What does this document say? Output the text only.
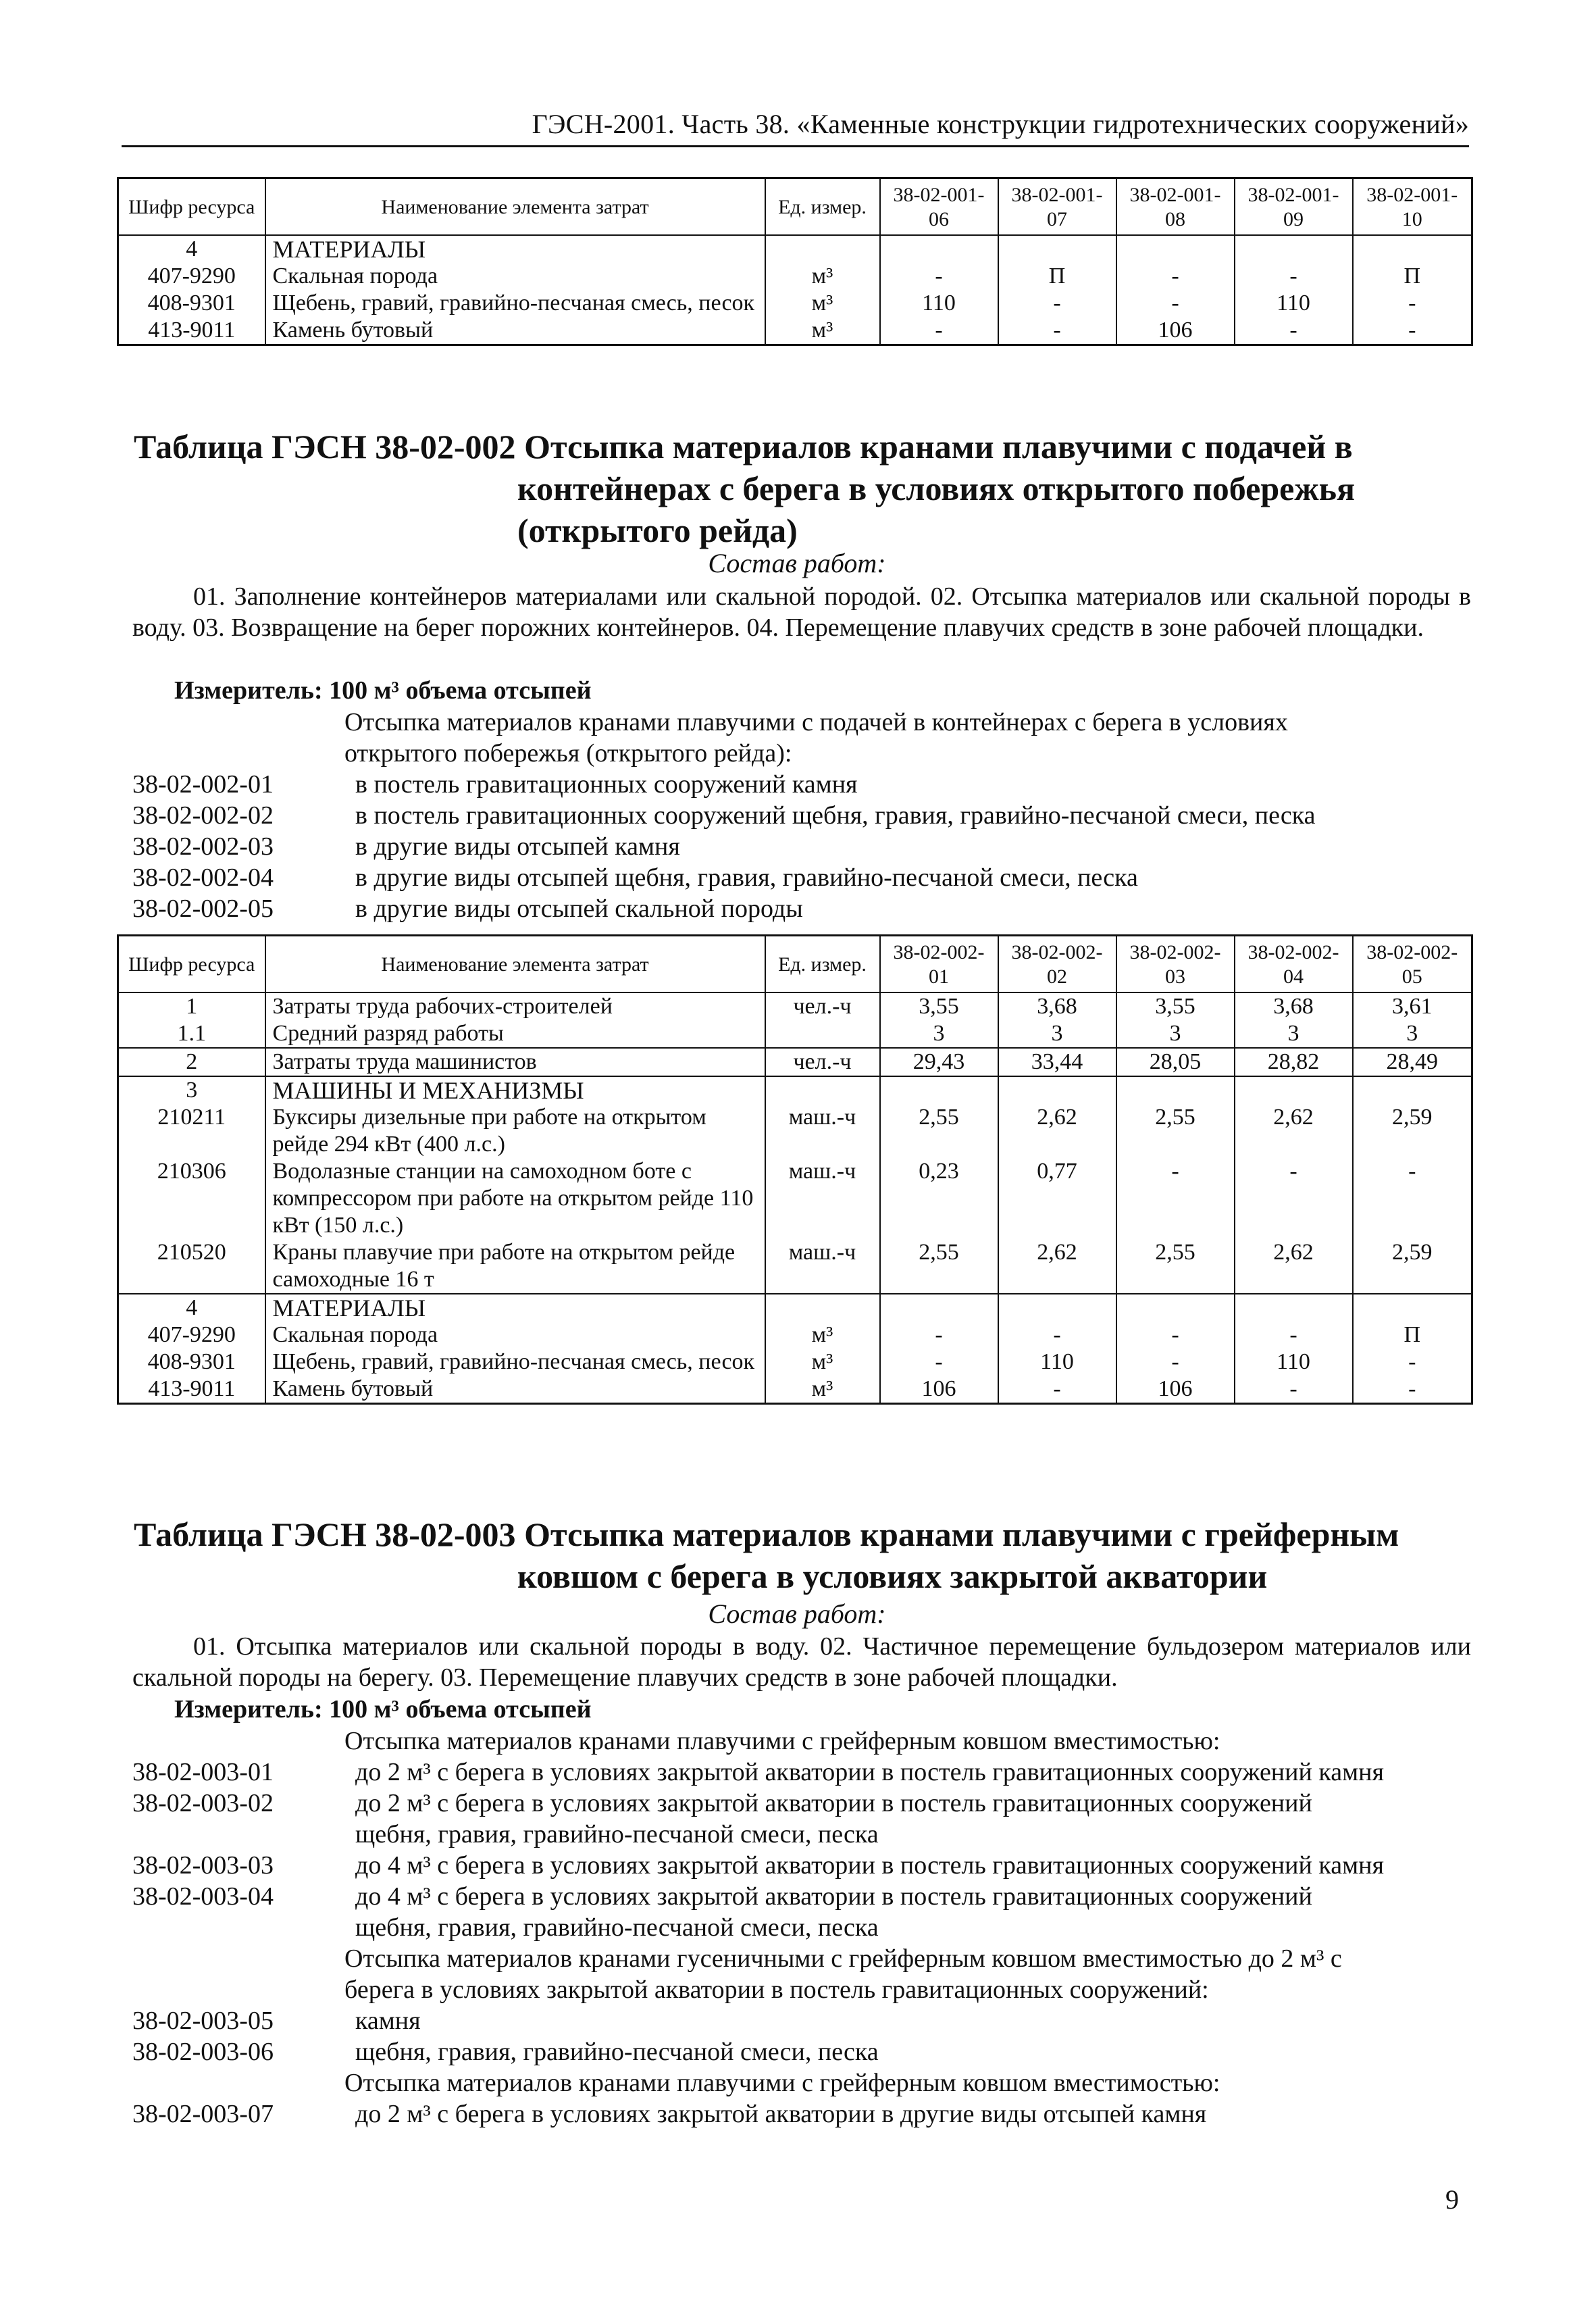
ГЭСН-2001. Часть 38. «Каменные конструкции гидротехнических сооружений»
Шифр ресурса	Наименование элемента затрат	Ед. измер.	38-02-001-06	38-02-001-07	38-02-001-08	38-02-001-09	38-02-001-10
4	МАТЕРИАЛЫ						
407-9290	Скальная порода	м³	-	П	-	-	П
408-9301	Щебень, гравий, гравийно-песчаная смесь, песок	м³	110	-	-	110	-
413-9011	Камень бутовый	м³	-	-	106	-	-
Таблица ГЭСН 38-02-002 Отсыпка материалов кранами плавучими с подачей в
контейнерах с берега в условиях открытого побережья
(открытого рейда)
Состав работ:
01. Заполнение контейнеров материалами или скальной породой. 02. Отсыпка материалов или скальной породы в воду. 03. Возвращение на берег порожних контейнеров. 04. Перемещение плавучих средств в зоне рабочей площадки.
Измеритель: 100 м³ объема отсыпей
Отсыпка материалов кранами плавучими с подачей в контейнерах с берега в условиях открытого побережья (открытого рейда):
38-02-002-01	в постель гравитационных сооружений камня
38-02-002-02	в постель гравитационных сооружений щебня, гравия, гравийно-песчаной смеси, песка
38-02-002-03	в другие виды отсыпей камня
38-02-002-04	в другие виды отсыпей щебня, гравия, гравийно-песчаной смеси, песка
38-02-002-05	в другие виды отсыпей скальной породы
Шифр ресурса	Наименование элемента затрат	Ед. измер.	38-02-002-01	38-02-002-02	38-02-002-03	38-02-002-04	38-02-002-05
1	Затраты труда рабочих-строителей	чел.-ч	3,55	3,68	3,55	3,68	3,61
1.1	Средний разряд работы		3	3	3	3	3
2	Затраты труда машинистов	чел.-ч	29,43	33,44	28,05	28,82	28,49
3	МАШИНЫ И МЕХАНИЗМЫ						
210211	Буксиры дизельные при работе на открытом рейде 294 кВт (400 л.с.)	маш.-ч	2,55	2,62	2,55	2,62	2,59
210306	Водолазные станции на самоходном боте с компрессором при работе на открытом рейде 110 кВт (150 л.с.)	маш.-ч	0,23	0,77	-	-	-
210520	Краны плавучие при работе на открытом рейде самоходные 16 т	маш.-ч	2,55	2,62	2,55	2,62	2,59
4	МАТЕРИАЛЫ						
407-9290	Скальная порода	м³	-	-	-	-	П
408-9301	Щебень, гравий, гравийно-песчаная смесь, песок	м³	-	110	-	110	-
413-9011	Камень бутовый	м³	106	-	106	-	-
Таблица ГЭСН 38-02-003 Отсыпка материалов кранами плавучими с грейферным
ковшом с берега в условиях закрытой акватории
Состав работ:
01. Отсыпка материалов или скальной породы в воду. 02. Частичное перемещение бульдозером материалов или скальной породы на берегу. 03. Перемещение плавучих средств в зоне рабочей площадки.
Измеритель: 100 м³ объема отсыпей
Отсыпка материалов кранами плавучими с грейферным ковшом вместимостью:
38-02-003-01	до 2 м³ с берега в условиях закрытой акватории в постель гравитационных сооружений камня
38-02-003-02	до 2 м³ с берега в условиях закрытой акватории в постель гравитационных сооружений щебня, гравия, гравийно-песчаной смеси, песка
38-02-003-03	до 4 м³ с берега в условиях закрытой акватории в постель гравитационных сооружений камня
38-02-003-04	до 4 м³ с берега в условиях закрытой акватории в постель гравитационных сооружений щебня, гравия, гравийно-песчаной смеси, песка
Отсыпка материалов кранами гусеничными с грейферным ковшом вместимостью до 2 м³ с берега в условиях закрытой акватории в постель гравитационных сооружений:
38-02-003-05	камня
38-02-003-06	щебня, гравия, гравийно-песчаной смеси, песка
Отсыпка материалов кранами плавучими с грейферным ковшом вместимостью:
38-02-003-07	до 2 м³ с берега в условиях закрытой акватории в другие виды отсыпей камня
9
